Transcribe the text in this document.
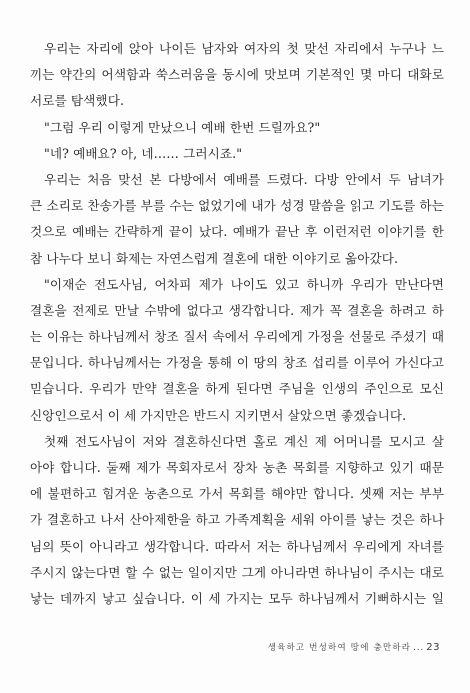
우리는 자리에 앉아 나이든 남자와 여자의 첫 맞선 자리에서 누구나 느
끼는 약간의 어색함과 쑥스러움을 동시에 맛보며 기본적인 몇 마디 대화로
서로를 탐색했다.
"그럼 우리 이렇게 만났으니 예배 한번 드릴까요?"
"네? 예배요? 아, 네…… 그러시죠."
우리는 처음 맞선 본 다방에서 예배를 드렸다. 다방 안에서 두 남녀가
큰 소리로 찬송가를 부를 수는 없었기에 내가 성경 말씀을 읽고 기도를 하는
것으로 예배는 간략하게 끝이 났다. 예배가 끝난 후 이런저런 이야기를 한
참 나누다 보니 화제는 자연스럽게 결혼에 대한 이야기로 옮아갔다.
"이재순 전도사님, 어차피 제가 나이도 있고 하니까 우리가 만난다면
결혼을 전제로 만날 수밖에 없다고 생각합니다. 제가 꼭 결혼을 하려고 하
는 이유는 하나님께서 창조 질서 속에서 우리에게 가정을 선물로 주셨기 때
문입니다. 하나님께서는 가정을 통해 이 땅의 창조 섭리를 이루어 가신다고
믿습니다. 우리가 만약 결혼을 하게 된다면 주님을 인생의 주인으로 모신
신앙인으로서 이 세 가지만은 반드시 지키면서 살았으면 좋겠습니다.
첫째 전도사님이 저와 결혼하신다면 홀로 계신 제 어머니를 모시고 살
아야 합니다. 둘째 제가 목회자로서 장차 농촌 목회를 지향하고 있기 때문
에 불편하고 힘겨운 농촌으로 가서 목회를 해야만 합니다. 셋째 저는 부부
가 결혼하고 나서 산아제한을 하고 가족계획을 세워 아이를 낳는 것은 하나
님의 뜻이 아니라고 생각합니다. 따라서 저는 하나님께서 우리에게 자녀를
주시지 않는다면 할 수 없는 일이지만 그게 아니라면 하나님이 주시는 대로
낳는 데까지 낳고 싶습니다. 이 세 가지는 모두 하나님께서 기뻐하시는 일
생육하고 번성하여 땅에 충만하라 ... 23
